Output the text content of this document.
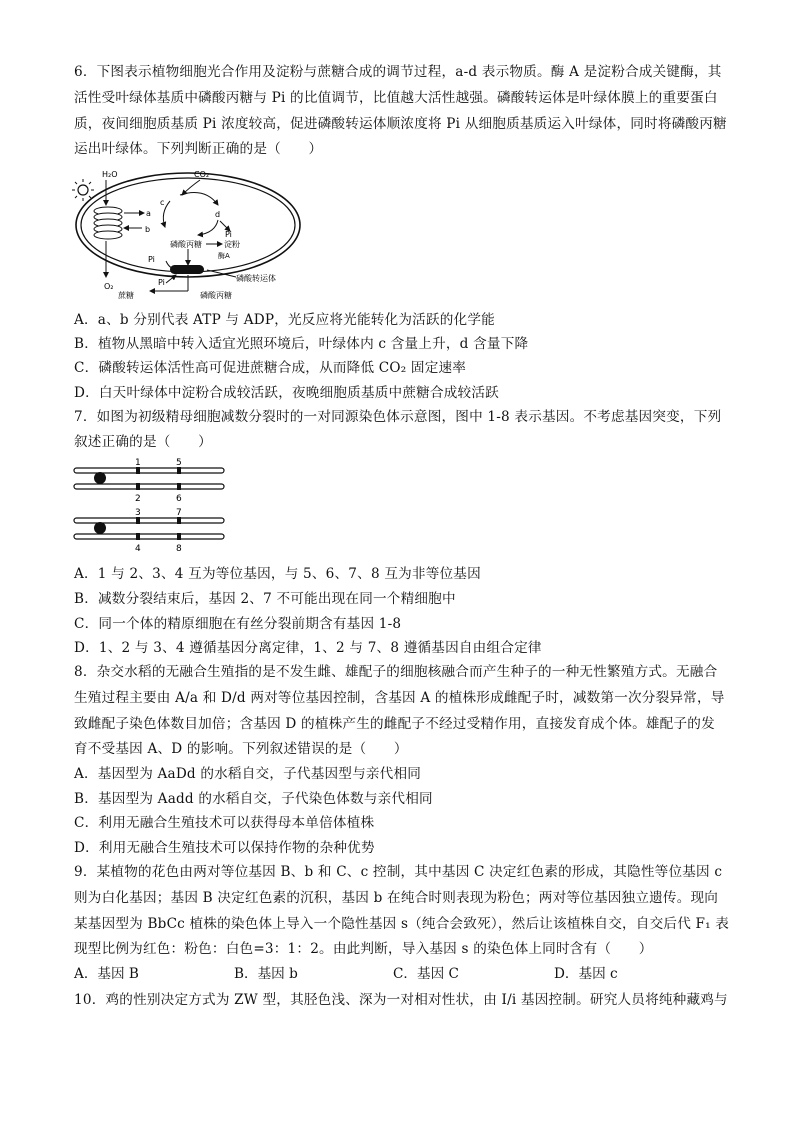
6．下图表示植物细胞光合作用及淀粉与蔗糖合成的调节过程，a-d 表示物质。酶 A 是淀粉合成关键酶，其
活性受叶绿体基质中磷酸丙糖与 Pi 的比值调节，比值越大活性越强。磷酸转运体是叶绿体膜上的重要蛋白
质，夜间细胞质基质 Pi 浓度较高，促进磷酸转运体顺浓度将 Pi 从细胞质基质运入叶绿体，同时将磷酸丙糖
运出叶绿体。下列判断正确的是（　　）
H₂O
O₂
a
b
CO₂
c
d
Pi
磷酸丙糖	淀粉
酶A
Pi
磷酸转运体
Pi
蔗糖	磷酸丙糖
A．a、b 分别代表 ATP 与 ADP，光反应将光能转化为活跃的化学能
B．植物从黑暗中转入适宜光照环境后，叶绿体内 c 含量上升，d 含量下降
C．磷酸转运体活性高可促进蔗糖合成，从而降低 CO₂ 固定速率
D．白天叶绿体中淀粉合成较活跃，夜晚细胞质基质中蔗糖合成较活跃
7．如图为初级精母细胞减数分裂时的一对同源染色体示意图，图中 1-8 表示基因。不考虑基因突变，下列
叙述正确的是（　　）
1	5
2	6
3	7
4	8
A．1 与 2、3、4 互为等位基因，与 5、6、7、8 互为非等位基因
B．减数分裂结束后，基因 2、7 不可能出现在同一个精细胞中
C．同一个体的精原细胞在有丝分裂前期含有基因 1-8
D．1、2 与 3、4 遵循基因分离定律，1、2 与 7、8 遵循基因自由组合定律
8．杂交水稻的无融合生殖指的是不发生雌、雄配子的细胞核融合而产生种子的一种无性繁殖方式。无融合
生殖过程主要由 A/a 和 D/d 两对等位基因控制，含基因 A 的植株形成雌配子时，减数第一次分裂异常，导
致雌配子染色体数目加倍；含基因 D 的植株产生的雌配子不经过受精作用，直接发育成个体。雄配子的发
育不受基因 A、D 的影响。下列叙述错误的是（　　）
A．基因型为 AaDd 的水稻自交，子代基因型与亲代相同
B．基因型为 Aadd 的水稻自交，子代染色体数与亲代相同
C．利用无融合生殖技术可以获得母本单倍体植株
D．利用无融合生殖技术可以保持作物的杂种优势
9．某植物的花色由两对等位基因 B、b 和 C、c 控制，其中基因 C 决定红色素的形成，其隐性等位基因 c
则为白化基因；基因 B 决定红色素的沉积，基因 b 在纯合时则表现为粉色；两对等位基因独立遗传。现向
某基因型为 BbCc 植株的染色体上导入一个隐性基因 s（纯合会致死），然后让该植株自交，自交后代 F₁ 表
现型比例为红色：粉色：白色=3：1：2。由此判断，导入基因 s 的染色体上同时含有（　　）
A．基因 B	B．基因 b	C．基因 C	D．基因 c
10．鸡的性别决定方式为 ZW 型，其胫色浅、深为一对相对性状，由 I/i 基因控制。研究人员将纯种藏鸡与
